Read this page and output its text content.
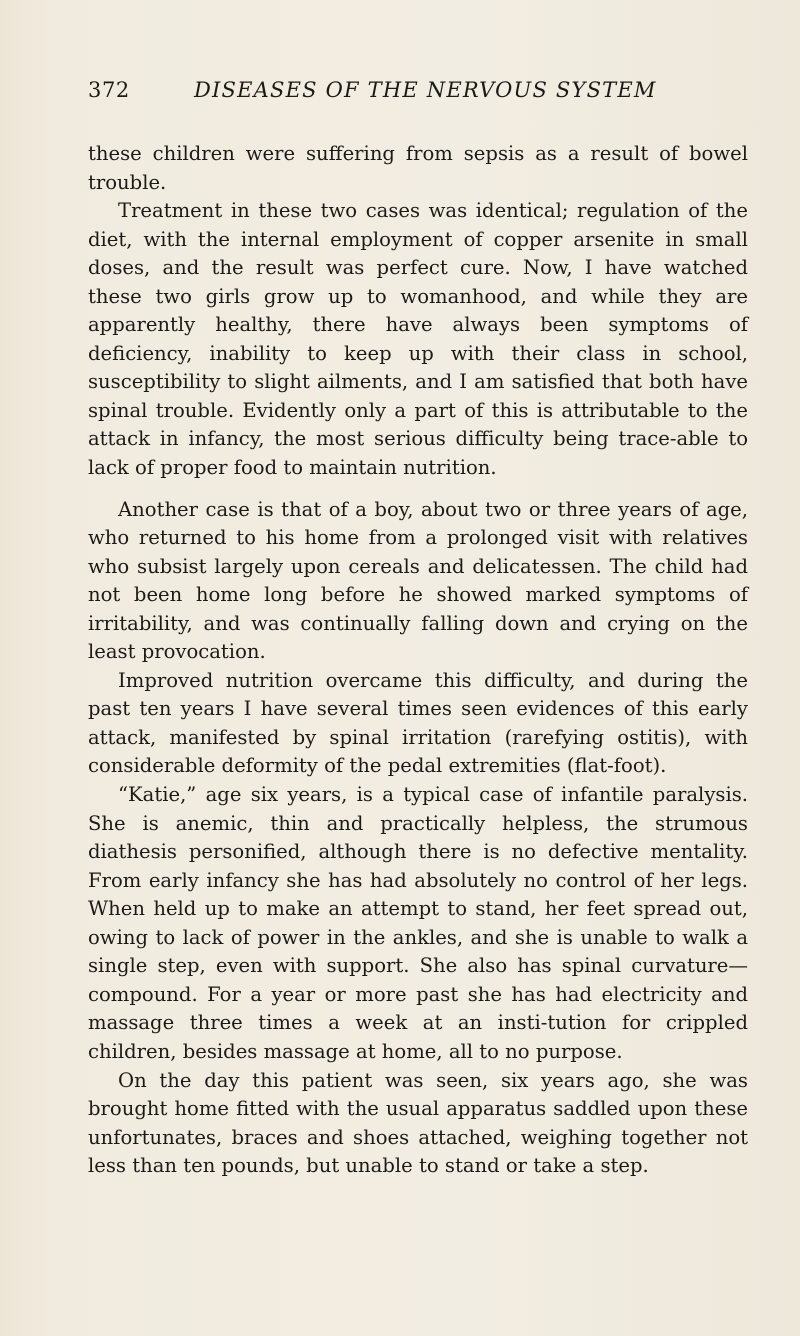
372	DISEASES OF THE NERVOUS SYSTEM

these children were suffering from sepsis as a result of bowel trouble.

Treatment in these two cases was identical; regulation of the diet, with the internal employment of copper arsenite in small doses, and the result was perfect cure. Now, I have watched these two girls grow up to womanhood, and while they are apparently healthy, there have always been symptoms of deficiency, inability to keep up with their class in school, susceptibility to slight ailments, and I am satisfied that both have spinal trouble. Evidently only a part of this is attributable to the attack in infancy, the most serious difficulty being trace-able to lack of proper food to maintain nutrition.

Another case is that of a boy, about two or three years of age, who returned to his home from a prolonged visit with relatives who subsist largely upon cereals and delicatessen. The child had not been home long before he showed marked symptoms of irritability, and was continually falling down and crying on the least provocation.

Improved nutrition overcame this difficulty, and during the past ten years I have several times seen evidences of this early attack, manifested by spinal irritation (rarefying ostitis), with considerable deformity of the pedal extremities (flat-foot).

“Katie,” age six years, is a typical case of infantile paralysis. She is anemic, thin and practically helpless, the strumous diathesis personified, although there is no defective mentality. From early infancy she has had absolutely no control of her legs. When held up to make an attempt to stand, her feet spread out, owing to lack of power in the ankles, and she is unable to walk a single step, even with support. She also has spinal curvature—compound. For a year or more past she has had electricity and massage three times a week at an insti-tution for crippled children, besides massage at home, all to no purpose.

On the day this patient was seen, six years ago, she was brought home fitted with the usual apparatus saddled upon these unfortunates, braces and shoes attached, weighing together not less than ten pounds, but unable to stand or take a step.
